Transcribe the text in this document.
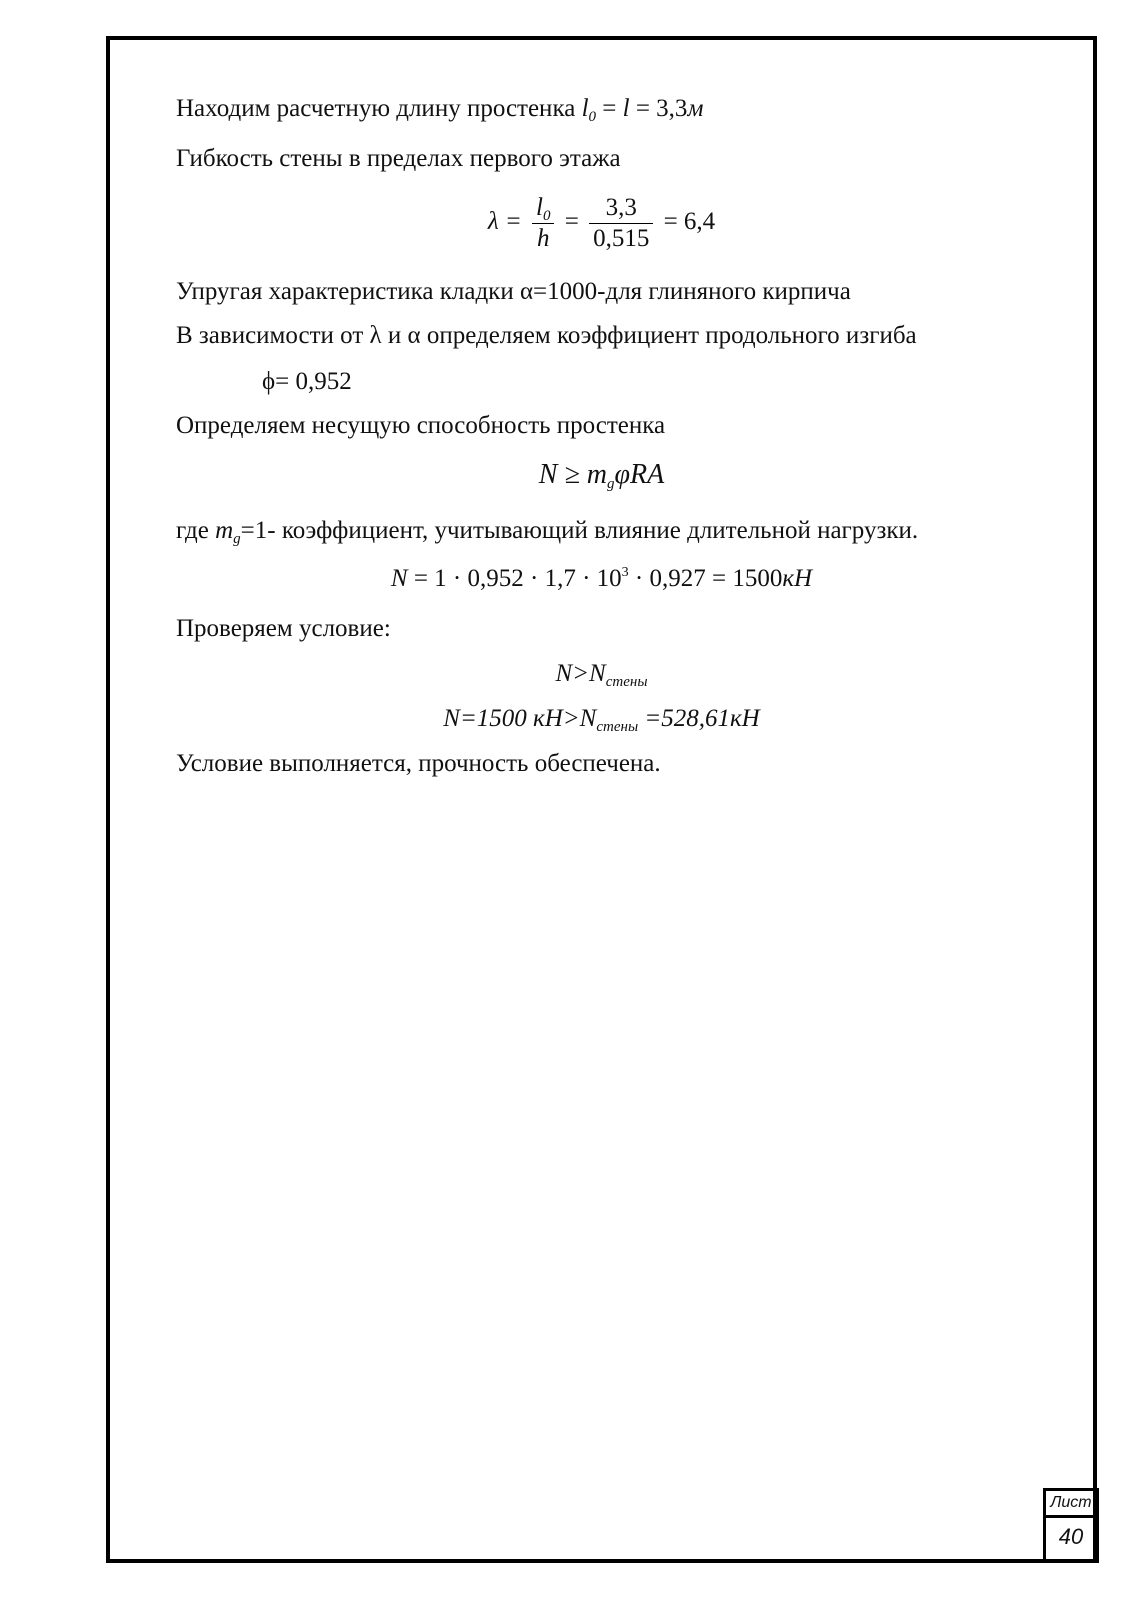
Находим расчетную длину простенка $l_0 = l = 3,3м$
Гибкость стены в пределах первого этажа
$\lambda = \frac{l_0}{h} = \frac{3,3}{0,515} = 6,4$
Упругая характеристика кладки α=1000-для глиняного кирпича
В зависимости от λ и α определяем коэффициент продольного изгиба
ϕ= 0,952
Определяем несущую способность простенка
$N \ge m_g\varphi RA$
где $m_g=1-$ коэффициент, учитывающий влияние длительной нагрузки.
$N = 1 \cdot 0,952 \cdot 1,7 \cdot 10^3 \cdot 0,927 = 1500кН$
Проверяем условие:
$N>N_{стены}$
N=1500 $кН>N_{стены} =528,61кН$
Условие выполняется, прочность обеспечена.
Лист
40
